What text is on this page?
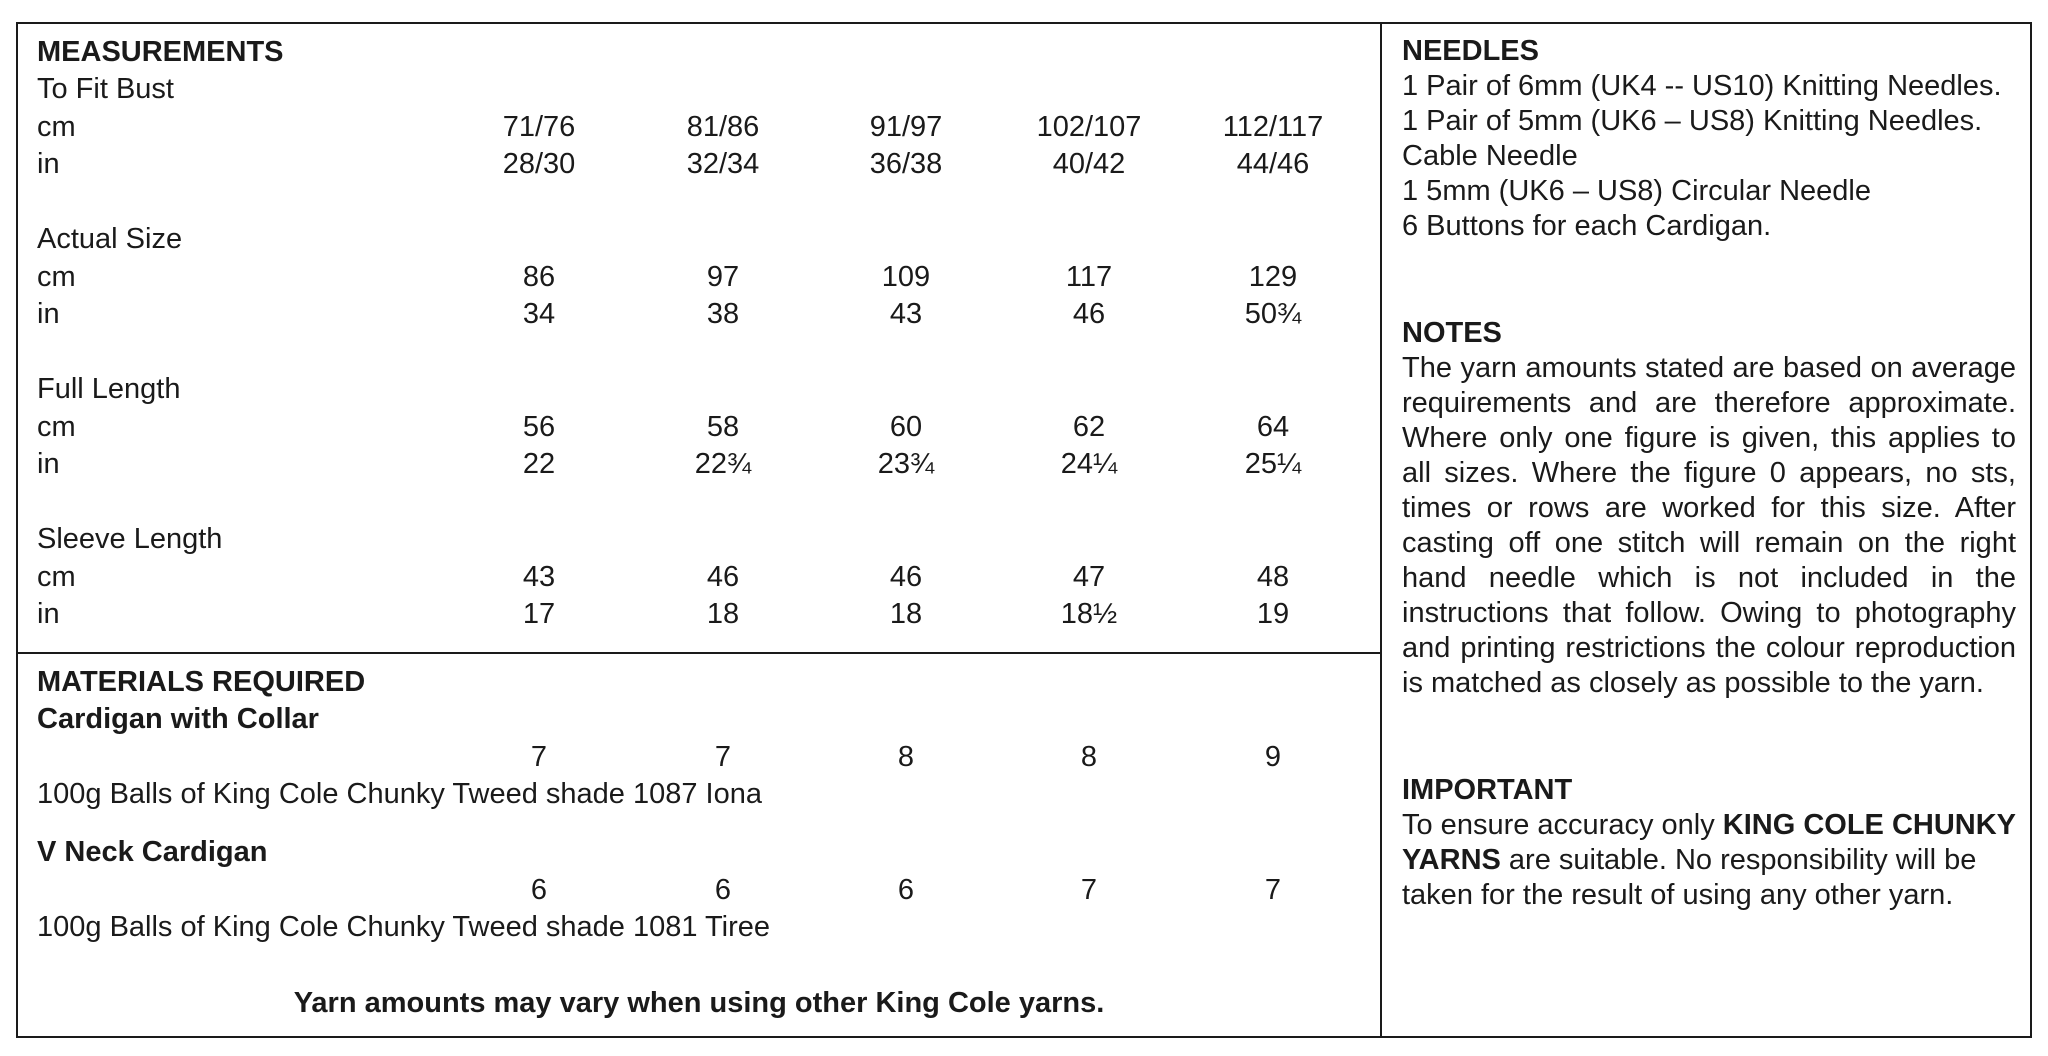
MEASUREMENTS
To Fit Bust
cm	71/76	81/86	91/97	102/107	112/117
in	28/30	32/34	36/38	40/42	44/46
Actual Size
cm	86	97	109	117	129
in	34	38	43	46	50¾
Full Length
cm	56	58	60	62	64
in	22	22¾	23¾	24¼	25¼
Sleeve Length
cm	43	46	46	47	48
in	17	18	18	18½	19
MATERIALS REQUIRED
Cardigan with Collar
7	7	8	8	9
100g Balls of King Cole Chunky Tweed shade 1087 Iona
V Neck Cardigan
6	6	6	7	7
100g Balls of King Cole Chunky Tweed shade 1081 Tiree
Yarn amounts may vary when using other King Cole yarns.

NEEDLES

1 Pair of 6mm (UK4 -- US10) Knitting Needles.

1 Pair of 5mm (UK6 – US8) Knitting Needles.

Cable Needle

1 5mm (UK6 – US8) Circular Needle

6 Buttons for each Cardigan.

NOTES

The yarn amounts stated are based on average requirements and are therefore approximate. Where only one figure is given, this applies to all sizes. Where the figure 0 appears, no sts, times or rows are worked for this size. After casting off one stitch will remain on the right hand needle which is not included in the instructions that follow. Owing to photography and printing restrictions the colour reproduction is matched as closely as possible to the yarn.

IMPORTANT

To ensure accuracy only KING COLE CHUNKY YARNS are suitable. No responsibility will be taken for the result of using any other yarn.
